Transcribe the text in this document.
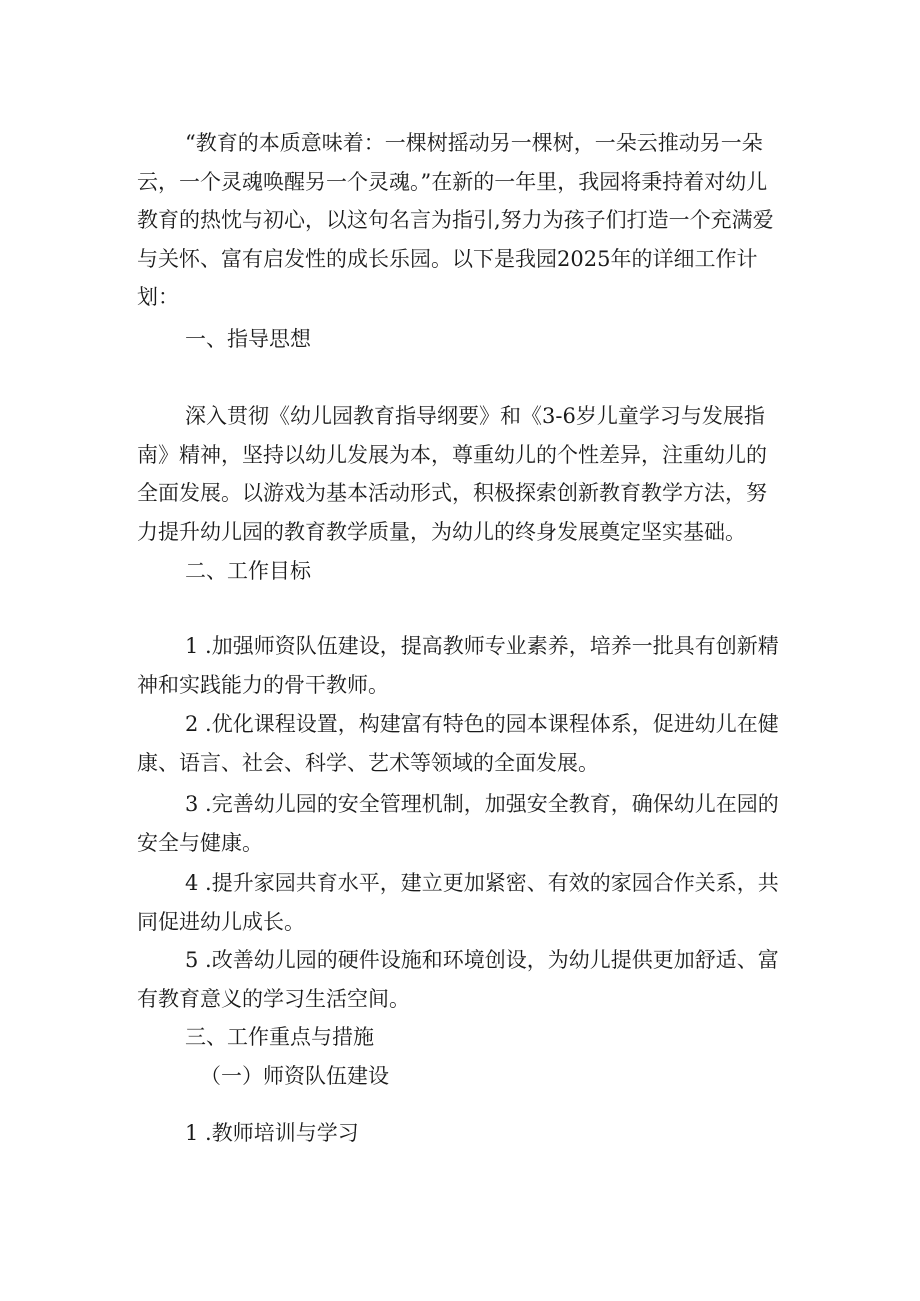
“教育的本质意味着：一棵树摇动另一棵树，一朵云推动另一朵云，一个灵魂唤醒另一个灵魂。”在新的一年里，我园将秉持着对幼儿教育的热忱与初心，以这句名言为指引,努力为孩子们打造一个充满爱与关怀、富有启发性的成长乐园。以下是我园2025年的详细工作计划：

一、指导思想

深入贯彻《幼儿园教育指导纲要》和《3-6岁儿童学习与发展指南》精神，坚持以幼儿发展为本，尊重幼儿的个性差异，注重幼儿的全面发展。以游戏为基本活动形式，积极探索创新教育教学方法，努力提升幼儿园的教育教学质量，为幼儿的终身发展奠定坚实基础。

二、工作目标

1 .加强师资队伍建设，提高教师专业素养，培养一批具有创新精神和实践能力的骨干教师。

2 .优化课程设置，构建富有特色的园本课程体系，促进幼儿在健康、语言、社会、科学、艺术等领域的全面发展。

3 .完善幼儿园的安全管理机制，加强安全教育，确保幼儿在园的安全与健康。

4 .提升家园共育水平，建立更加紧密、有效的家园合作关系，共同促进幼儿成长。

5 .改善幼儿园的硬件设施和环境创设，为幼儿提供更加舒适、富有教育意义的学习生活空间。

三、工作重点与措施

（一）师资队伍建设

1 .教师培训与学习
